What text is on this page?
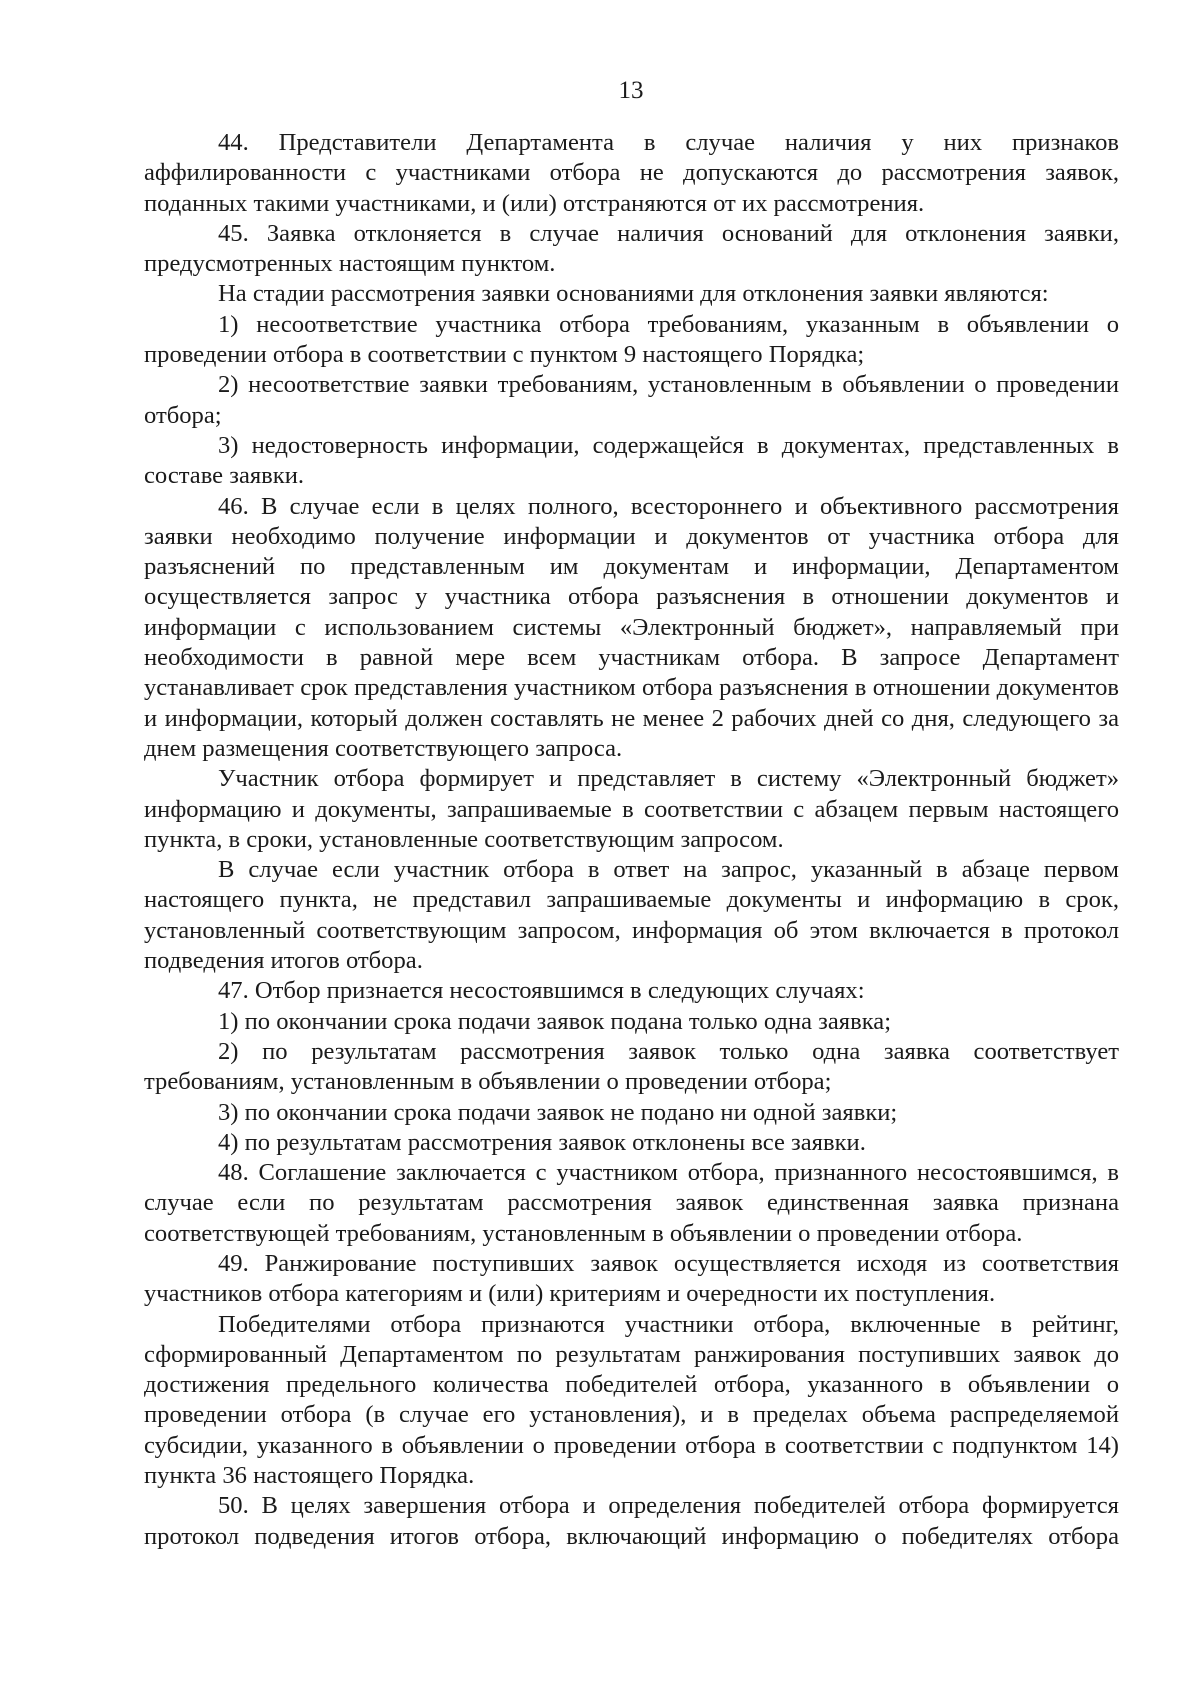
13

44. Представители Департамента в случае наличия у них признаков аффилированности с участниками отбора не допускаются до рассмотрения заявок, поданных такими участниками, и (или) отстраняются от их рассмотрения.

45. Заявка отклоняется в случае наличия оснований для отклонения заявки, предусмотренных настоящим пунктом.

На стадии рассмотрения заявки основаниями для отклонения заявки являются:

1) несоответствие участника отбора требованиям, указанным в объявлении о проведении отбора в соответствии с пунктом 9 настоящего Порядка;

2) несоответствие заявки требованиям, установленным в объявлении о проведении отбора;

3) недостоверность информации, содержащейся в документах, представленных в составе заявки.

46. В случае если в целях полного, всестороннего и объективного рассмотрения заявки необходимо получение информации и документов от участника отбора для разъяснений по представленным им документам и информации, Департаментом осуществляется запрос у участника отбора разъяснения в отношении документов и информации с использованием системы «Электронный бюджет», направляемый при необходимости в равной мере всем участникам отбора. В запросе Департамент устанавливает срок представления участником отбора разъяснения в отношении документов и информации, который должен составлять не менее 2 рабочих дней со дня, следующего за днем размещения соответствующего запроса.

Участник отбора формирует и представляет в систему «Электронный бюджет» информацию и документы, запрашиваемые в соответствии с абзацем первым настоящего пункта, в сроки, установленные соответствующим запросом.

В случае если участник отбора в ответ на запрос, указанный в абзаце первом настоящего пункта, не представил запрашиваемые документы и информацию в срок, установленный соответствующим запросом, информация об этом включается в протокол подведения итогов отбора.

47. Отбор признается несостоявшимся в следующих случаях:

1) по окончании срока подачи заявок подана только одна заявка;

2) по результатам рассмотрения заявок только одна заявка соответствует требованиям, установленным в объявлении о проведении отбора;

3) по окончании срока подачи заявок не подано ни одной заявки;

4) по результатам рассмотрения заявок отклонены все заявки.

48. Соглашение заключается с участником отбора, признанного несостоявшимся, в случае если по результатам рассмотрения заявок единственная заявка признана соответствующей требованиям, установленным в объявлении о проведении отбора.

49. Ранжирование поступивших заявок осуществляется исходя из соответствия участников отбора категориям и (или) критериям и очередности их поступления.

Победителями отбора признаются участники отбора, включенные в рейтинг, сформированный Департаментом по результатам ранжирования поступивших заявок до достижения предельного количества победителей отбора, указанного в объявлении о проведении отбора (в случае его установления), и в пределах объема распределяемой субсидии, указанного в объявлении о проведении отбора в соответствии с подпунктом 14) пункта 36 настоящего Порядка.

50. В целях завершения отбора и определения победителей отбора формируется протокол подведения итогов отбора, включающий информацию о победителях отбора
